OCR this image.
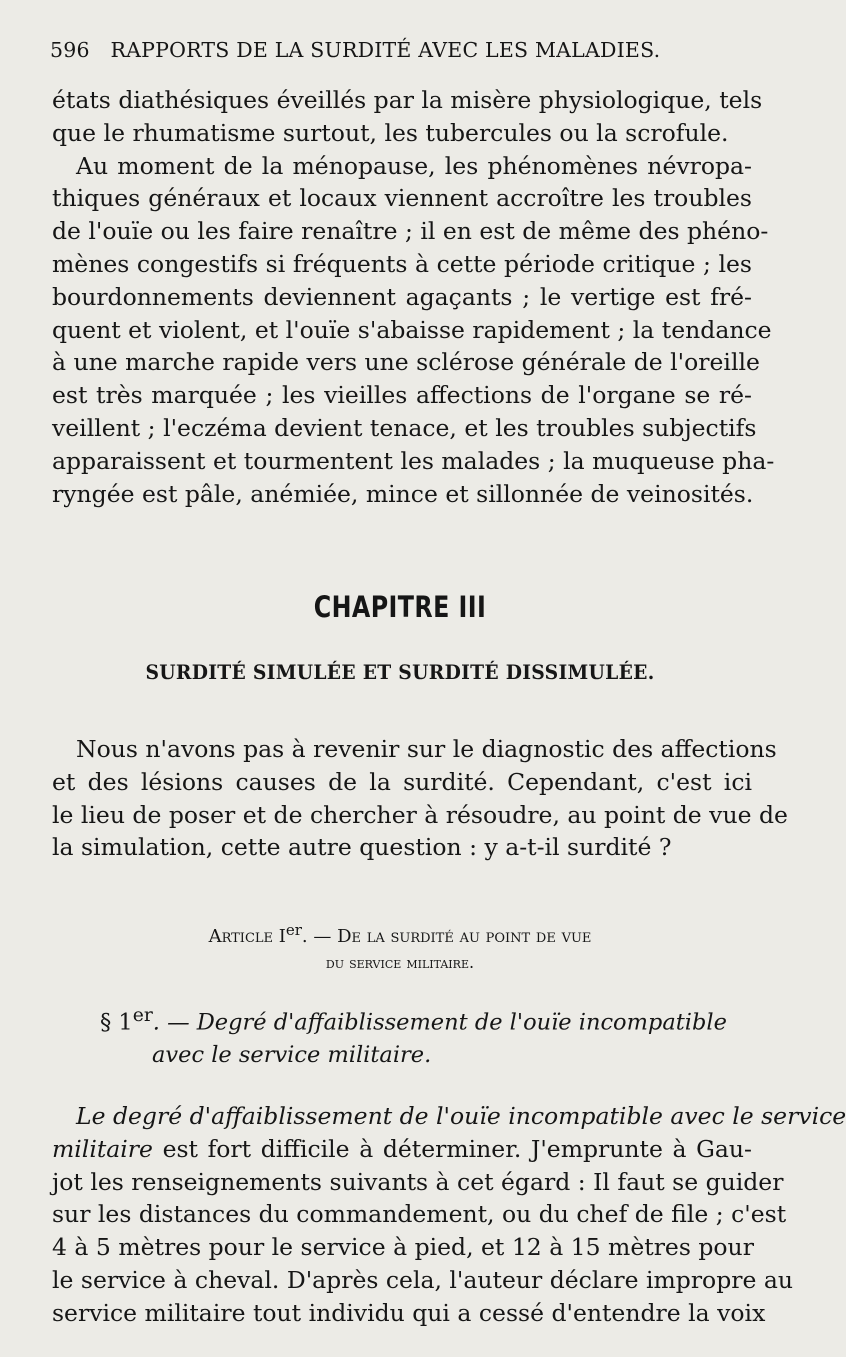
596 RAPPORTS DE LA SURDITÉ AVEC LES MALADIES.
états diathésiques éveillés par la misère physiologique, tels
que le rhumatisme surtout, les tubercules ou la scrofule.
Au moment de la ménopause, les phénomènes névropa-
thiques généraux et locaux viennent accroître les troubles
de l'ouïe ou les faire renaître ; il en est de même des phéno-
mènes congestifs si fréquents à cette période critique ; les
bourdonnements deviennent agaçants ; le vertige est fré-
quent et violent, et l'ouïe s'abaisse rapidement ; la tendance
à une marche rapide vers une sclérose générale de l'oreille
est très marquée ; les vieilles affections de l'organe se ré-
veillent ; l'eczéma devient tenace, et les troubles subjectifs
apparaissent et tourmentent les malades ; la muqueuse pha-
ryngée est pâle, anémiée, mince et sillonnée de veinosités.
CHAPITRE III
SURDITÉ SIMULÉE ET SURDITÉ DISSIMULÉE.
Nous n'avons pas à revenir sur le diagnostic des affections
et des lésions causes de la surdité. Cependant, c'est ici
le lieu de poser et de chercher à résoudre, au point de vue de
la simulation, cette autre question : y a-t-il surdité ?
Article Ier. — De la surdité au point de vue
du service militaire.
§ 1er. — Degré d'affaiblissement de l'ouïe incompatible
avec le service militaire.
Le degré d'affaiblissement de l'ouïe incompatible avec le service
militaire est fort difficile à déterminer. J'emprunte à Gau-
jot les renseignements suivants à cet égard : Il faut se guider
sur les distances du commandement, ou du chef de file ; c'est
4 à 5 mètres pour le service à pied, et 12 à 15 mètres pour
le service à cheval. D'après cela, l'auteur déclare impropre au
service militaire tout individu qui a cessé d'entendre la voix
